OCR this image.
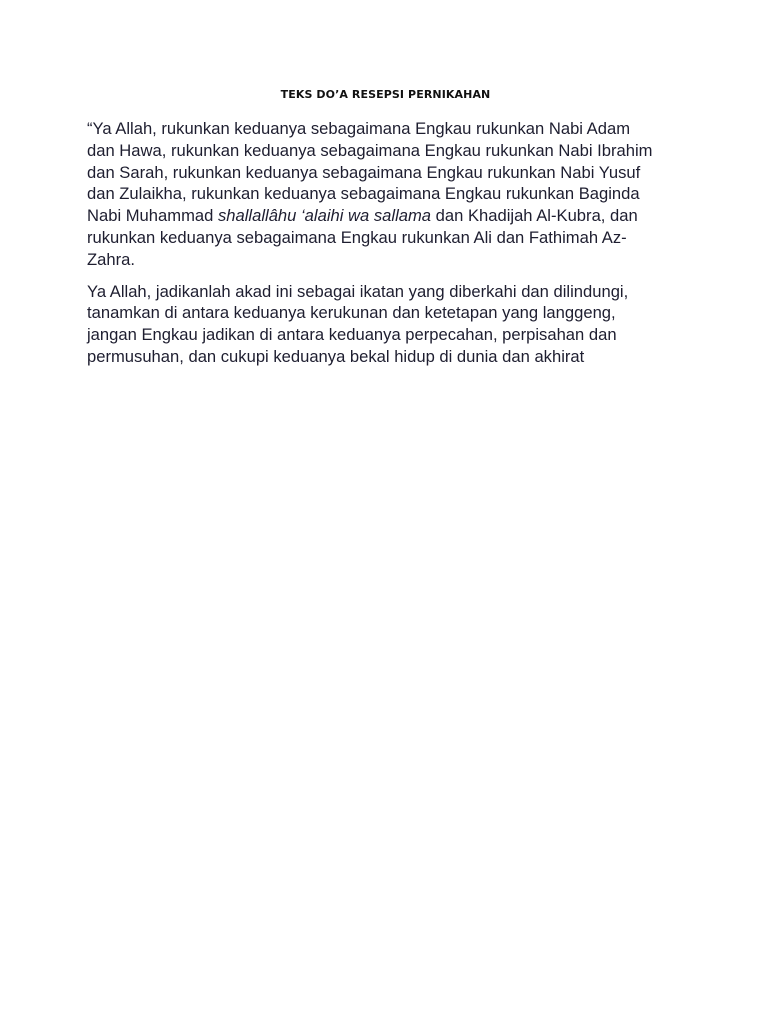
TEKS DO’A RESEPSI PERNIKAHAN

“Ya Allah, rukunkan keduanya sebagaimana Engkau rukunkan Nabi Adam
dan Hawa, rukunkan keduanya sebagaimana Engkau rukunkan Nabi Ibrahim
dan Sarah, rukunkan keduanya sebagaimana Engkau rukunkan Nabi Yusuf
dan Zulaikha, rukunkan keduanya sebagaimana Engkau rukunkan Baginda
Nabi Muhammad shallallâhu ‘alaihi wa sallama dan Khadijah Al-Kubra, dan
rukunkan keduanya sebagaimana Engkau rukunkan Ali dan Fathimah Az-
Zahra.

Ya Allah, jadikanlah akad ini sebagai ikatan yang diberkahi dan dilindungi,
tanamkan di antara keduanya kerukunan dan ketetapan yang langgeng,
jangan Engkau jadikan di antara keduanya perpecahan, perpisahan dan
permusuhan, dan cukupi keduanya bekal hidup di dunia dan akhirat
